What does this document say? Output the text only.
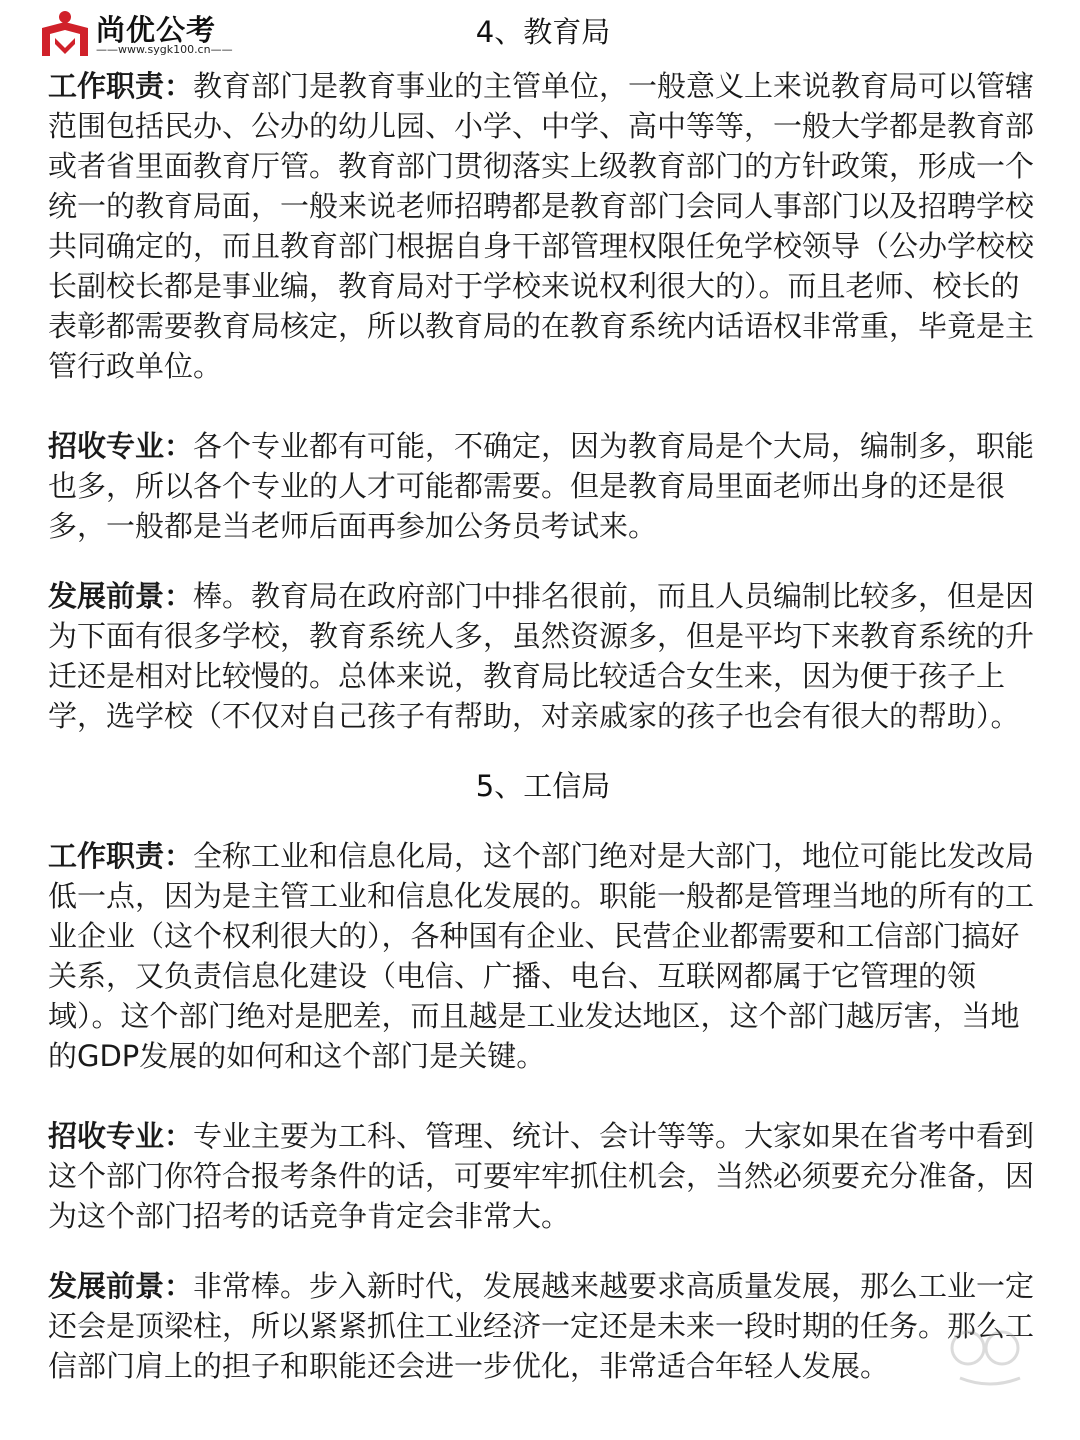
尚优公考
——www.sygk100.cn——
4、教育局

工作职责：教育部门是教育事业的主管单位，一般意义上来说教育局可以管辖范围包括民办、公办的幼儿园、小学、中学、高中等等，一般大学都是教育部或者省里面教育厅管。教育部门贯彻落实上级教育部门的方针政策，形成一个统一的教育局面，一般来说老师招聘都是教育部门会同人事部门以及招聘学校共同确定的，而且教育部门根据自身干部管理权限任免学校领导（公办学校校长副校长都是事业编，教育局对于学校来说权利很大的）。而且老师、校长的表彰都需要教育局核定，所以教育局的在教育系统内话语权非常重，毕竟是主管行政单位。

招收专业：各个专业都有可能，不确定，因为教育局是个大局，编制多，职能也多，所以各个专业的人才可能都需要。但是教育局里面老师出身的还是很多，一般都是当老师后面再参加公务员考试来。

发展前景：棒。教育局在政府部门中排名很前，而且人员编制比较多，但是因为下面有很多学校，教育系统人多，虽然资源多，但是平均下来教育系统的升迁还是相对比较慢的。总体来说，教育局比较适合女生来，因为便于孩子上学，选学校（不仅对自己孩子有帮助，对亲戚家的孩子也会有很大的帮助）。

5、工信局

工作职责：全称工业和信息化局，这个部门绝对是大部门，地位可能比发改局低一点，因为是主管工业和信息化发展的。职能一般都是管理当地的所有的工业企业（这个权利很大的），各种国有企业、民营企业都需要和工信部门搞好关系，又负责信息化建设（电信、广播、电台、互联网都属于它管理的领域）。这个部门绝对是肥差，而且越是工业发达地区，这个部门越厉害，当地的GDP发展的如何和这个部门是关键。

招收专业：专业主要为工科、管理、统计、会计等等。大家如果在省考中看到这个部门你符合报考条件的话，可要牢牢抓住机会，当然必须要充分准备，因为这个部门招考的话竞争肯定会非常大。

发展前景：非常棒。步入新时代，发展越来越要求高质量发展，那么工业一定还会是顶梁柱，所以紧紧抓住工业经济一定还是未来一段时期的任务。那么工信部门肩上的担子和职能还会进一步优化，非常适合年轻人发展。
